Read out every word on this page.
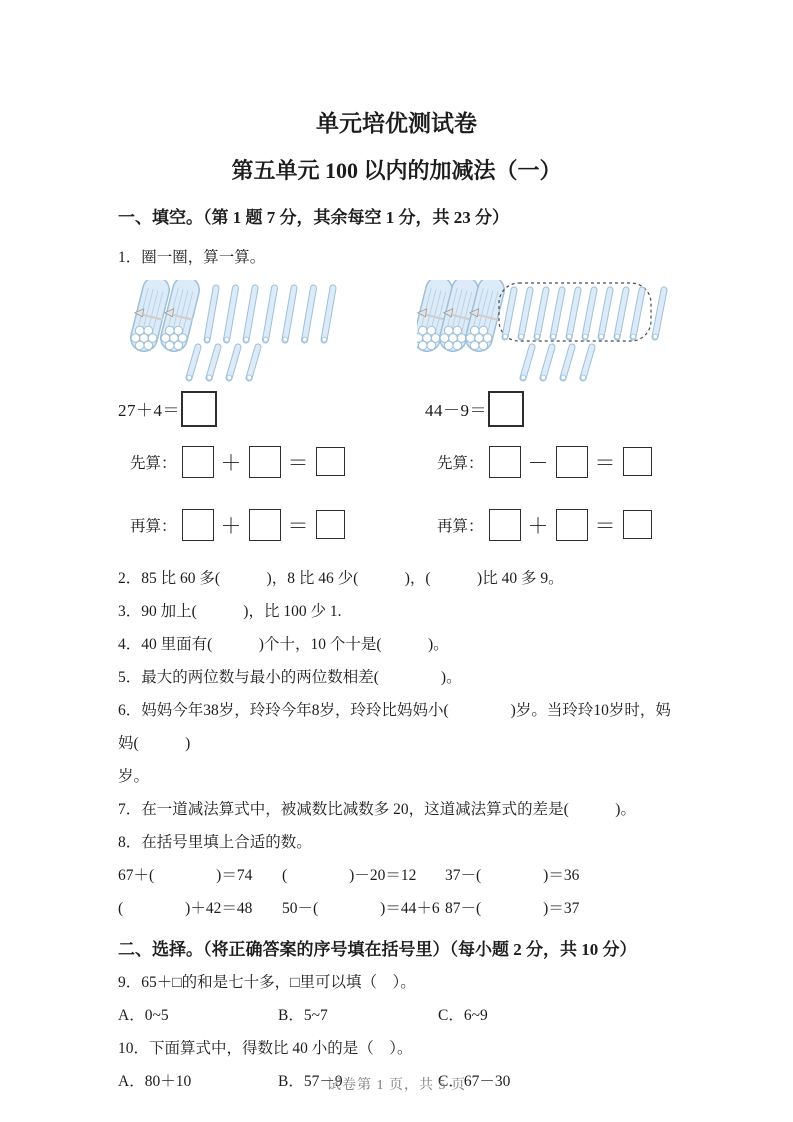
单元培优测试卷
第五单元 100 以内的加减法（一）

一、填空。（第 1 题 7 分，其余每空 1 分，共 23 分）

1．圈一圈，算一算。

27＋4＝
先算： ＋ ＝
再算： ＋ ＝
44－9＝
先算： － ＝
再算： ＋ ＝

2．85 比 60 多(　　　)，8 比 46 少(　　　)，(　　　)比 40 多 9。

3．90 加上(　　　)，比 100 少 1.

4．40 里面有(　　　)个十，10 个十是(　　　)。

5．最大的两位数与最小的两位数相差(　　　　)。

6．妈妈今年38岁，玲玲今年8岁，玲玲比妈妈小(　　　　)岁。当玲玲10岁时，妈妈(　　　)

岁。

7．在一道减法算式中，被减数比减数多 20，这道减法算式的差是(　　　)。

8．在括号里填上合适的数。

67＋(　　　　)＝74	(　　　　)－20＝12	37－(　　　　)＝36
(　　　　)＋42＝48	50－(　　　　)＝44＋6 87－(　　　　)＝37

二、选择。（将正确答案的序号填在括号里）（每小题 2 分，共 10 分）

9．65＋□的和是七十多，□里可以填（　）。

A．0~5	B．5~7	C．6~9

10．下面算式中，得数比 40 小的是（　）。

A．80＋10	B．57－9	C．67－30

试卷第 1 页，共 5 页
